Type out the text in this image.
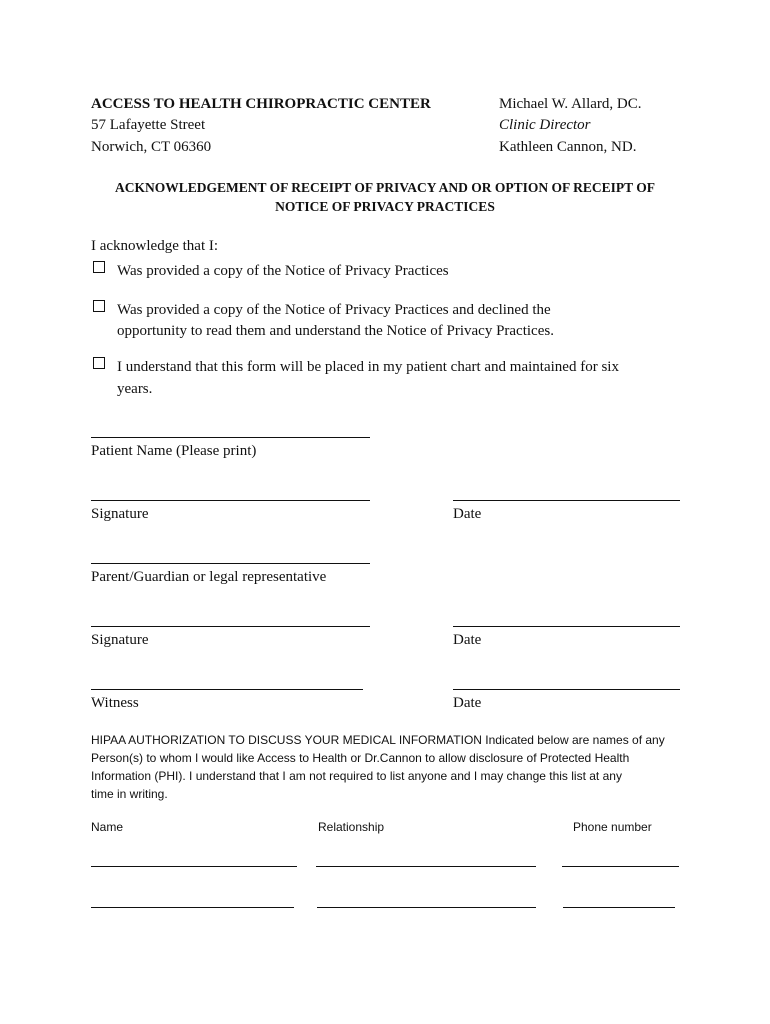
ACCESS TO HEALTH CHIROPRACTIC CENTER
57 Lafayette Street
Norwich, CT 06360
Michael W. Allard, DC.
Clinic Director
Kathleen Cannon, ND.
ACKNOWLEDGEMENT OF RECEIPT OF PRIVACY AND OR OPTION OF RECEIPT OF
NOTICE OF PRIVACY PRACTICES
I acknowledge that I:
Was provided a copy of the Notice of Privacy Practices
Was provided a copy of the Notice of Privacy Practices and declined the
opportunity to read them and understand the Notice of Privacy Practices.
I understand that this form will be placed in my patient chart and maintained for six
years.
Patient Name (Please print)
Signature	Date
Parent/Guardian or legal representative
Signature	Date
Witness	Date
HIPAA AUTHORIZATION TO DISCUSS YOUR MEDICAL INFORMATION Indicated below are names of any
Person(s) to whom I would like Access to Health or Dr.Cannon to allow disclosure of Protected Health
Information (PHI). I understand that I am not required to list anyone and I may change this list at any
time in writing.
Name	Relationship	Phone number
